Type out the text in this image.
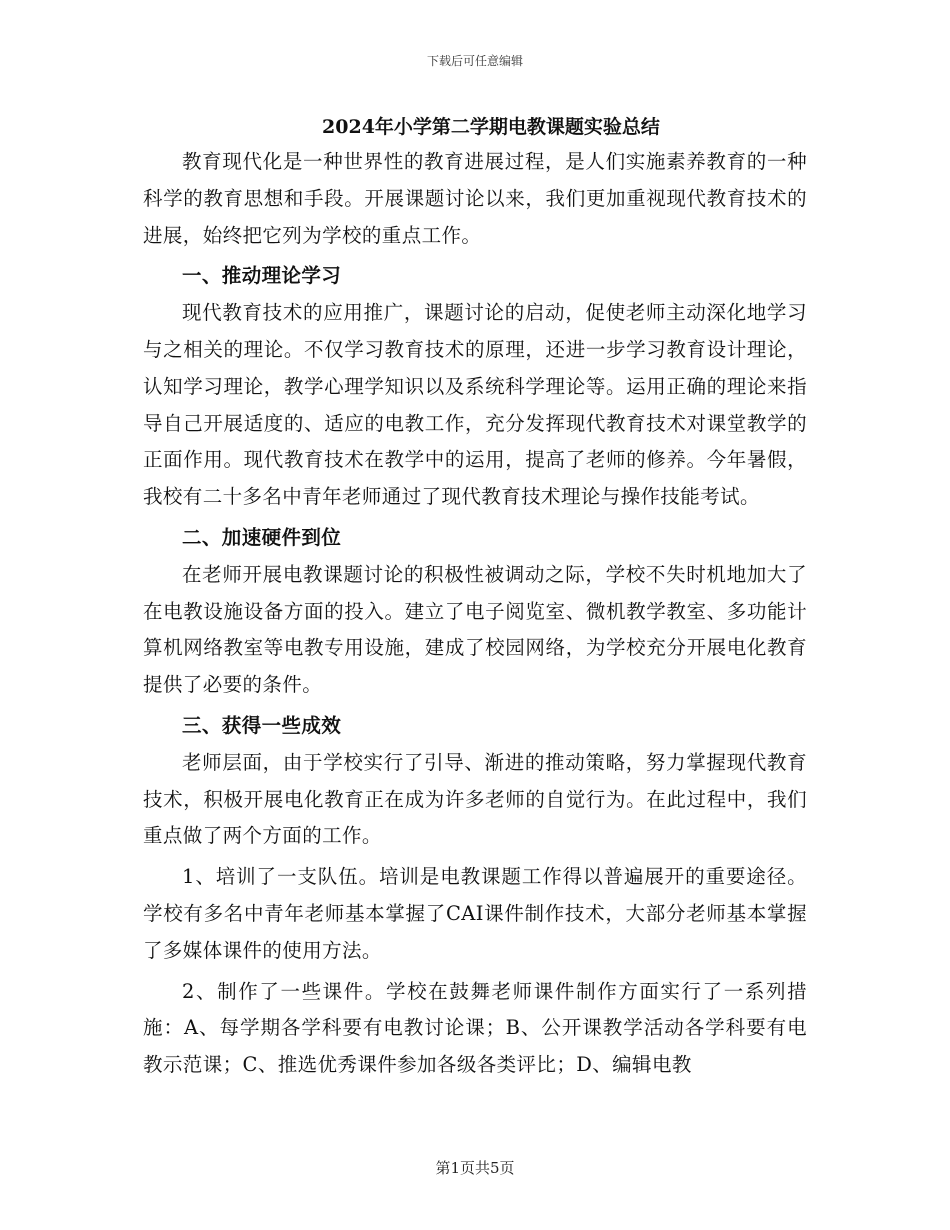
下载后可任意编辑
2024年小学第二学期电教课题实验总结

教育现代化是一种世界性的教育进展过程，是人们实施素养教育的一种科学的教育思想和手段。开展课题讨论以来，我们更加重视现代教育技术的进展，始终把它列为学校的重点工作。

一、推动理论学习

现代教育技术的应用推广，课题讨论的启动，促使老师主动深化地学习与之相关的理论。不仅学习教育技术的原理，还进一步学习教育设计理论，认知学习理论，教学心理学知识以及系统科学理论等。运用正确的理论来指导自己开展适度的、适应的电教工作，充分发挥现代教育技术对课堂教学的正面作用。现代教育技术在教学中的运用，提高了老师的修养。今年暑假，我校有二十多名中青年老师通过了现代教育技术理论与操作技能考试。

二、加速硬件到位

在老师开展电教课题讨论的积极性被调动之际，学校不失时机地加大了在电教设施设备方面的投入。建立了电子阅览室、微机教学教室、多功能计算机网络教室等电教专用设施，建成了校园网络，为学校充分开展电化教育提供了必要的条件。

三、获得一些成效

老师层面，由于学校实行了引导、渐进的推动策略，努力掌握现代教育技术，积极开展电化教育正在成为许多老师的自觉行为。在此过程中，我们重点做了两个方面的工作。

1、培训了一支队伍。培训是电教课题工作得以普遍展开的重要途径。学校有多名中青年老师基本掌握了CAI课件制作技术，大部分老师基本掌握了多媒体课件的使用方法。

2、制作了一些课件。学校在鼓舞老师课件制作方面实行了一系列措施：A、每学期各学科要有电教讨论课；B、公开课教学活动各学科要有电教示范课；C、推选优秀课件参加各级各类评比；D、编辑电教

第1页共5页
